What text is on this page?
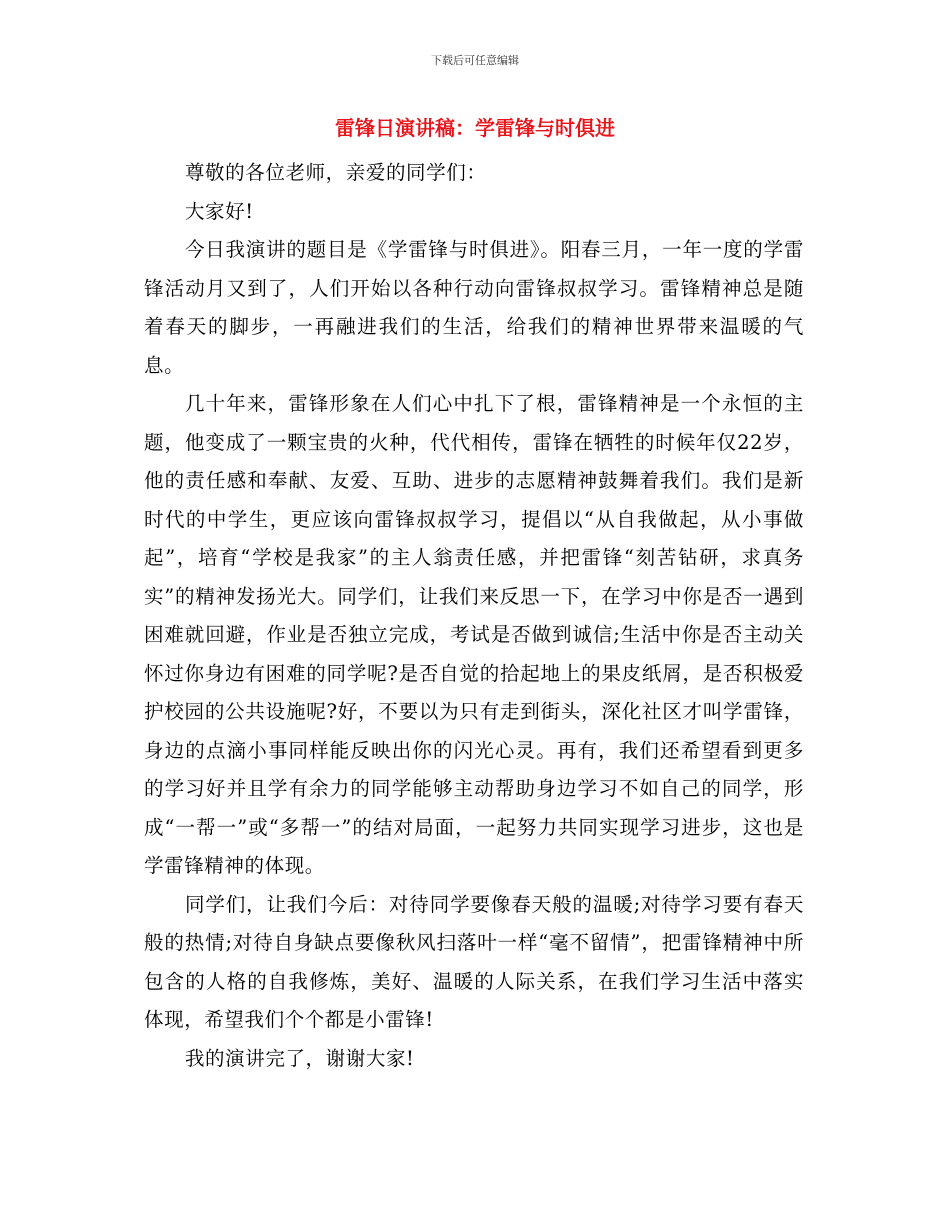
下载后可任意编辑
雷锋日演讲稿：学雷锋与时俱进

尊敬的各位老师，亲爱的同学们：

大家好!

今日我演讲的题目是《学雷锋与时俱进》。阳春三月，一年一度的学雷锋活动月又到了，人们开始以各种行动向雷锋叔叔学习。雷锋精神总是随着春天的脚步，一再融进我们的生活，给我们的精神世界带来温暖的气息。

几十年来，雷锋形象在人们心中扎下了根，雷锋精神是一个永恒的主题，他变成了一颗宝贵的火种，代代相传，雷锋在牺牲的时候年仅22岁，他的责任感和奉献、友爱、互助、进步的志愿精神鼓舞着我们。我们是新时代的中学生，更应该向雷锋叔叔学习，提倡以“从自我做起，从小事做起”，培育“学校是我家”的主人翁责任感，并把雷锋“刻苦钻研，求真务实”的精神发扬光大。同学们，让我们来反思一下，在学习中你是否一遇到困难就回避，作业是否独立完成，考试是否做到诚信;生活中你是否主动关怀过你身边有困难的同学呢?是否自觉的拾起地上的果皮纸屑，是否积极爱护校园的公共设施呢?好，不要以为只有走到街头，深化社区才叫学雷锋，身边的点滴小事同样能反映出你的闪光心灵。再有，我们还希望看到更多的学习好并且学有余力的同学能够主动帮助身边学习不如自己的同学，形成“一帮一”或“多帮一”的结对局面，一起努力共同实现学习进步，这也是学雷锋精神的体现。

同学们，让我们今后：对待同学要像春天般的温暖;对待学习要有春天般的热情;对待自身缺点要像秋风扫落叶一样“毫不留情”，把雷锋精神中所包含的人格的自我修炼，美好、温暖的人际关系，在我们学习生活中落实体现，希望我们个个都是小雷锋!

我的演讲完了，谢谢大家!
